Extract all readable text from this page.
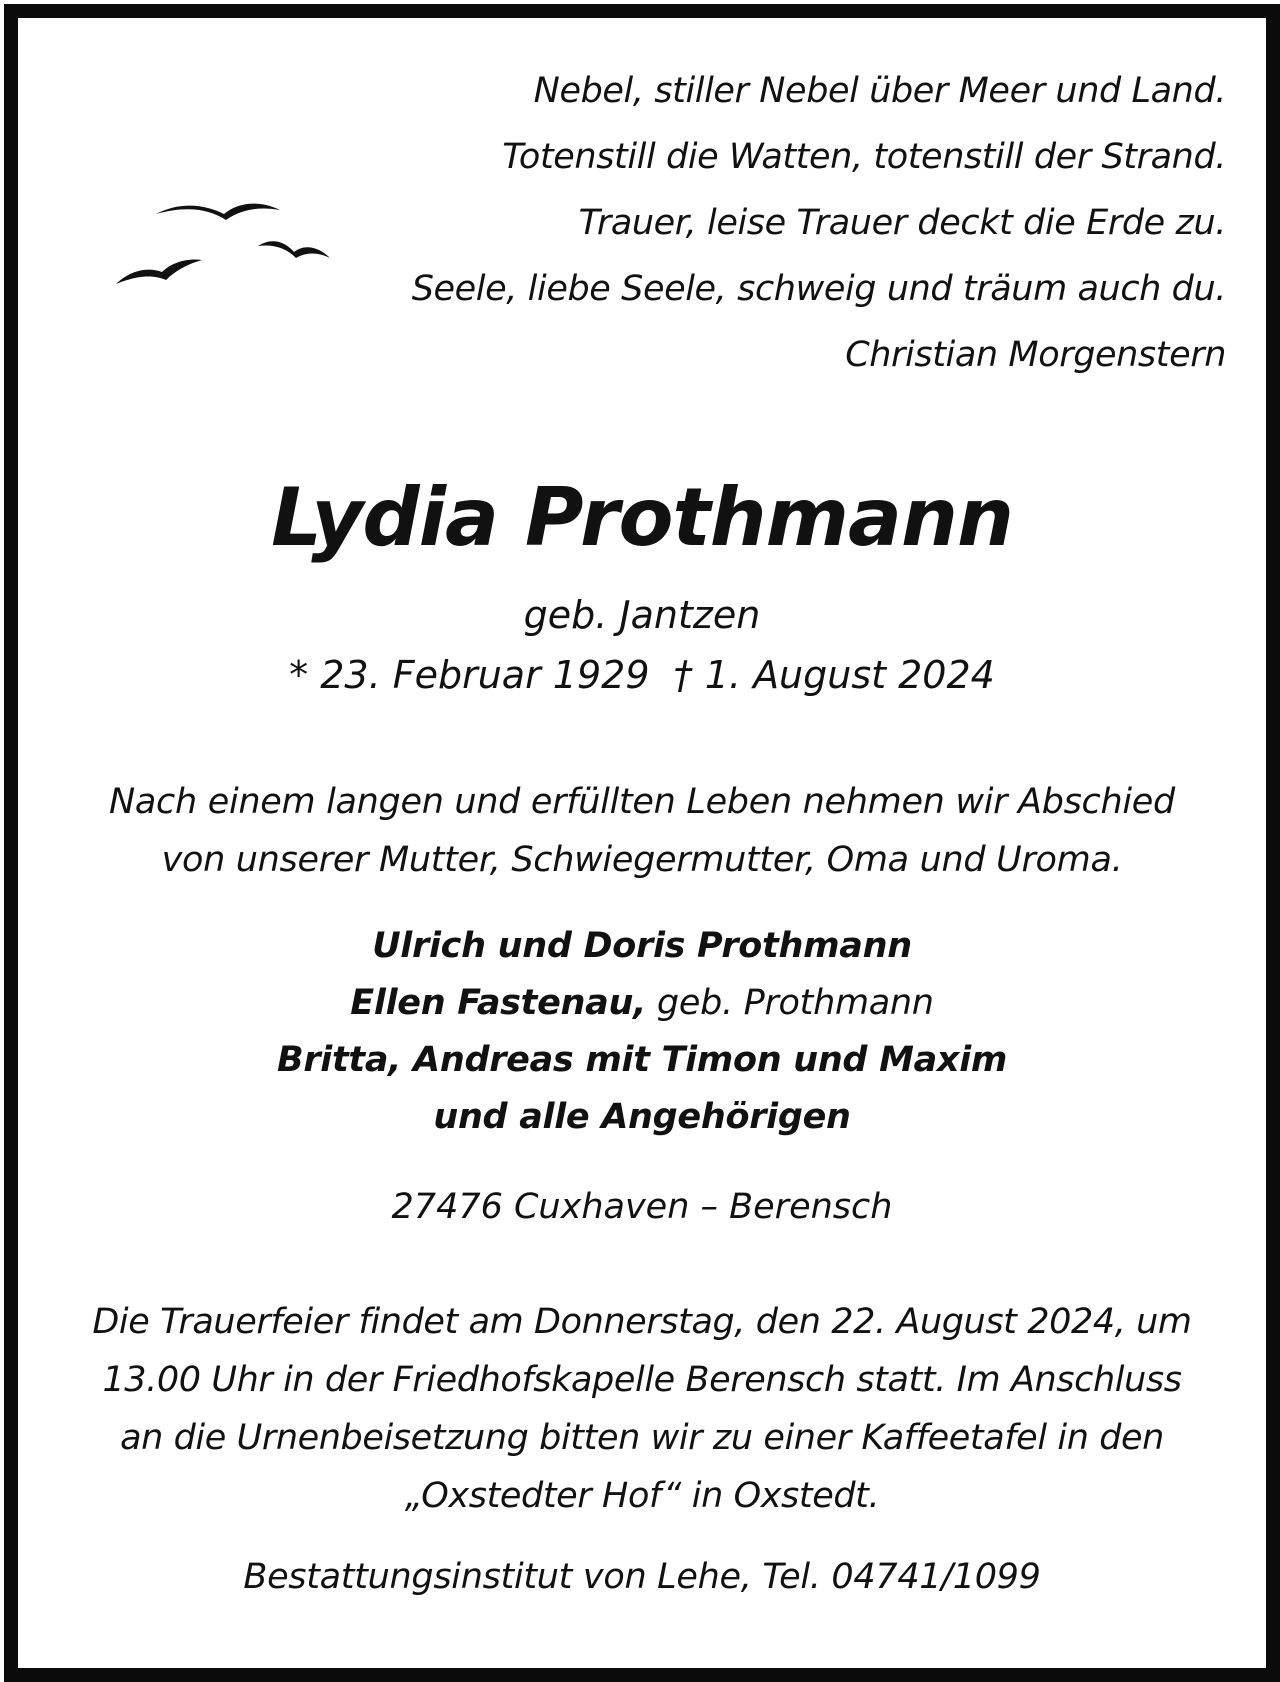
Nebel, stiller Nebel über Meer und Land.
Totenstill die Watten, totenstill der Strand.
Trauer, leise Trauer deckt die Erde zu.
Seele, liebe Seele, schweig und träum auch du.
Christian Morgenstern
Lydia Prothmann
geb. Jantzen
* 23. Februar 1929  † 1. August 2024
Nach einem langen und erfüllten Leben nehmen wir Abschied
von unserer Mutter, Schwiegermutter, Oma und Uroma.
Ulrich und Doris Prothmann
Ellen Fastenau, geb. Prothmann
Britta, Andreas mit Timon und Maxim
und alle Angehörigen
27476 Cuxhaven – Berensch
Die Trauerfeier findet am Donnerstag, den 22. August 2024, um
13.00 Uhr in der Friedhofskapelle Berensch statt. Im Anschluss
an die Urnenbeisetzung bitten wir zu einer Kaffeetafel in den
„Oxstedter Hof“ in Oxstedt.
Bestattungsinstitut von Lehe, Tel. 04741/1099
